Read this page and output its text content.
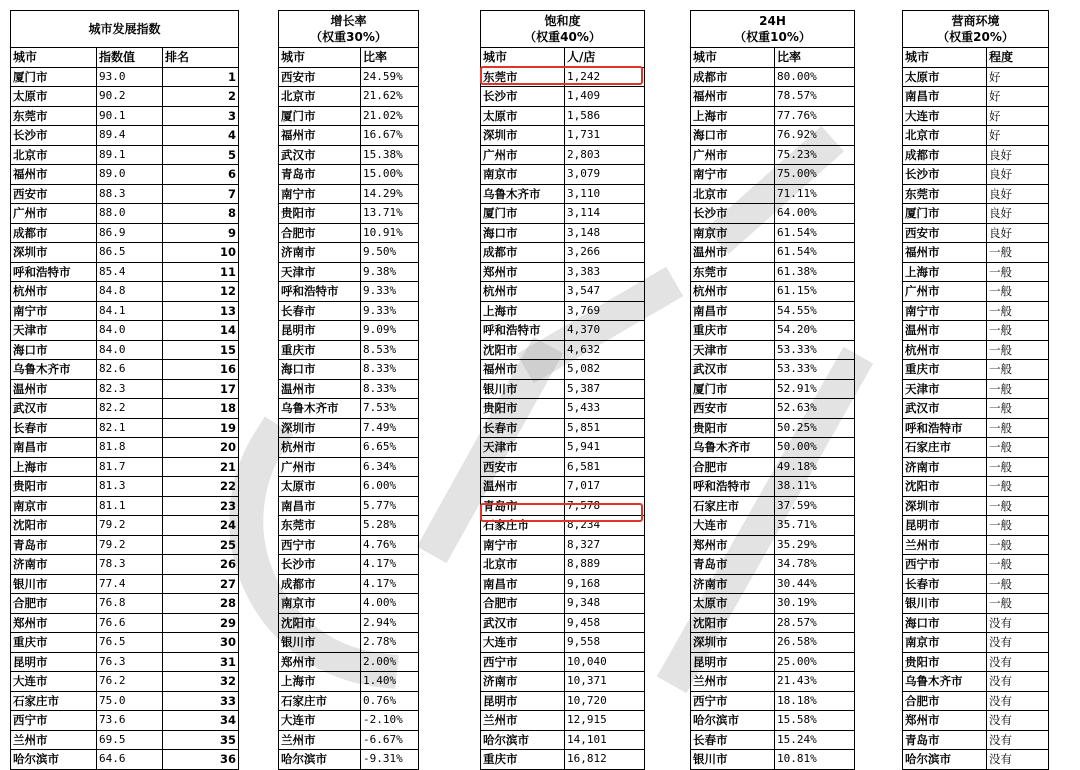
城市发展指数		
城市	指数值	排名
厦门市	93.0	1
太原市	90.2	2
东莞市	90.1	3
长沙市	89.4	4
北京市	89.1	5
福州市	89.0	6
西安市	88.3	7
广州市	88.0	8
成都市	86.9	9
深圳市	86.5	10
呼和浩特市	85.4	11
杭州市	84.8	12
南宁市	84.1	13
天津市	84.0	14
海口市	84.0	15
乌鲁木齐市	82.6	16
温州市	82.3	17
武汉市	82.2	18
长春市	82.1	19
南昌市	81.8	20
上海市	81.7	21
贵阳市	81.3	22
南京市	81.1	23
沈阳市	79.2	24
青岛市	79.2	25
济南市	78.3	26
银川市	77.4	27
合肥市	76.8	28
郑州市	76.6	29
重庆市	76.5	30
昆明市	76.3	31
大连市	76.2	32
石家庄市	75.0	33
西宁市	73.6	34
兰州市	69.5	35
哈尔滨市	64.6	36
增长率
（权重30%）	
城市	比率
西安市	24.59%
北京市	21.62%
厦门市	21.02%
福州市	16.67%
武汉市	15.38%
青岛市	15.00%
南宁市	14.29%
贵阳市	13.71%
合肥市	10.91%
济南市	9.50%
天津市	9.38%
呼和浩特市	9.33%
长春市	9.33%
昆明市	9.09%
重庆市	8.53%
海口市	8.33%
温州市	8.33%
乌鲁木齐市	7.53%
深圳市	7.49%
杭州市	6.65%
广州市	6.34%
太原市	6.00%
南昌市	5.77%
东莞市	5.28%
西宁市	4.76%
长沙市	4.17%
成都市	4.17%
南京市	4.00%
沈阳市	2.94%
银川市	2.78%
郑州市	2.00%
上海市	1.40%
石家庄市	0.76%
大连市	-2.10%
兰州市	-6.67%
哈尔滨市	-9.31%
饱和度
（权重40%）	
城市	人/店
东莞市	1,242
长沙市	1,409
太原市	1,586
深圳市	1,731
广州市	2,803
南京市	3,079
乌鲁木齐市	3,110
厦门市	3,114
海口市	3,148
成都市	3,266
郑州市	3,383
杭州市	3,547
上海市	3,769
呼和浩特市	4,370
沈阳市	4,632
福州市	5,082
银川市	5,387
贵阳市	5,433
长春市	5,851
天津市	5,941
西安市	6,581
温州市	7,017
青岛市	7,578
石家庄市	8,234
南宁市	8,327
北京市	8,889
南昌市	9,168
合肥市	9,348
武汉市	9,458
大连市	9,558
西宁市	10,040
济南市	10,371
昆明市	10,720
兰州市	12,915
哈尔滨市	14,101
重庆市	16,812
24H
（权重10%）	
城市	比率
成都市	80.00%
福州市	78.57%
上海市	77.76%
海口市	76.92%
广州市	75.23%
南宁市	75.00%
北京市	71.11%
长沙市	64.00%
南京市	61.54%
温州市	61.54%
东莞市	61.38%
杭州市	61.15%
南昌市	54.55%
重庆市	54.20%
天津市	53.33%
武汉市	53.33%
厦门市	52.91%
西安市	52.63%
贵阳市	50.25%
乌鲁木齐市	50.00%
合肥市	49.18%
呼和浩特市	38.11%
石家庄市	37.59%
大连市	35.71%
郑州市	35.29%
青岛市	34.78%
济南市	30.44%
太原市	30.19%
沈阳市	28.57%
深圳市	26.58%
昆明市	25.00%
兰州市	21.43%
西宁市	18.18%
哈尔滨市	15.58%
长春市	15.24%
银川市	10.81%
营商环境
（权重20%）	
城市	程度
太原市	好
南昌市	好
大连市	好
北京市	好
成都市	良好
长沙市	良好
东莞市	良好
厦门市	良好
西安市	良好
福州市	一般
上海市	一般
广州市	一般
南宁市	一般
温州市	一般
杭州市	一般
重庆市	一般
天津市	一般
武汉市	一般
呼和浩特市	一般
石家庄市	一般
济南市	一般
沈阳市	一般
深圳市	一般
昆明市	一般
兰州市	一般
西宁市	一般
长春市	一般
银川市	一般
海口市	没有
南京市	没有
贵阳市	没有
乌鲁木齐市	没有
合肥市	没有
郑州市	没有
青岛市	没有
哈尔滨市	没有
